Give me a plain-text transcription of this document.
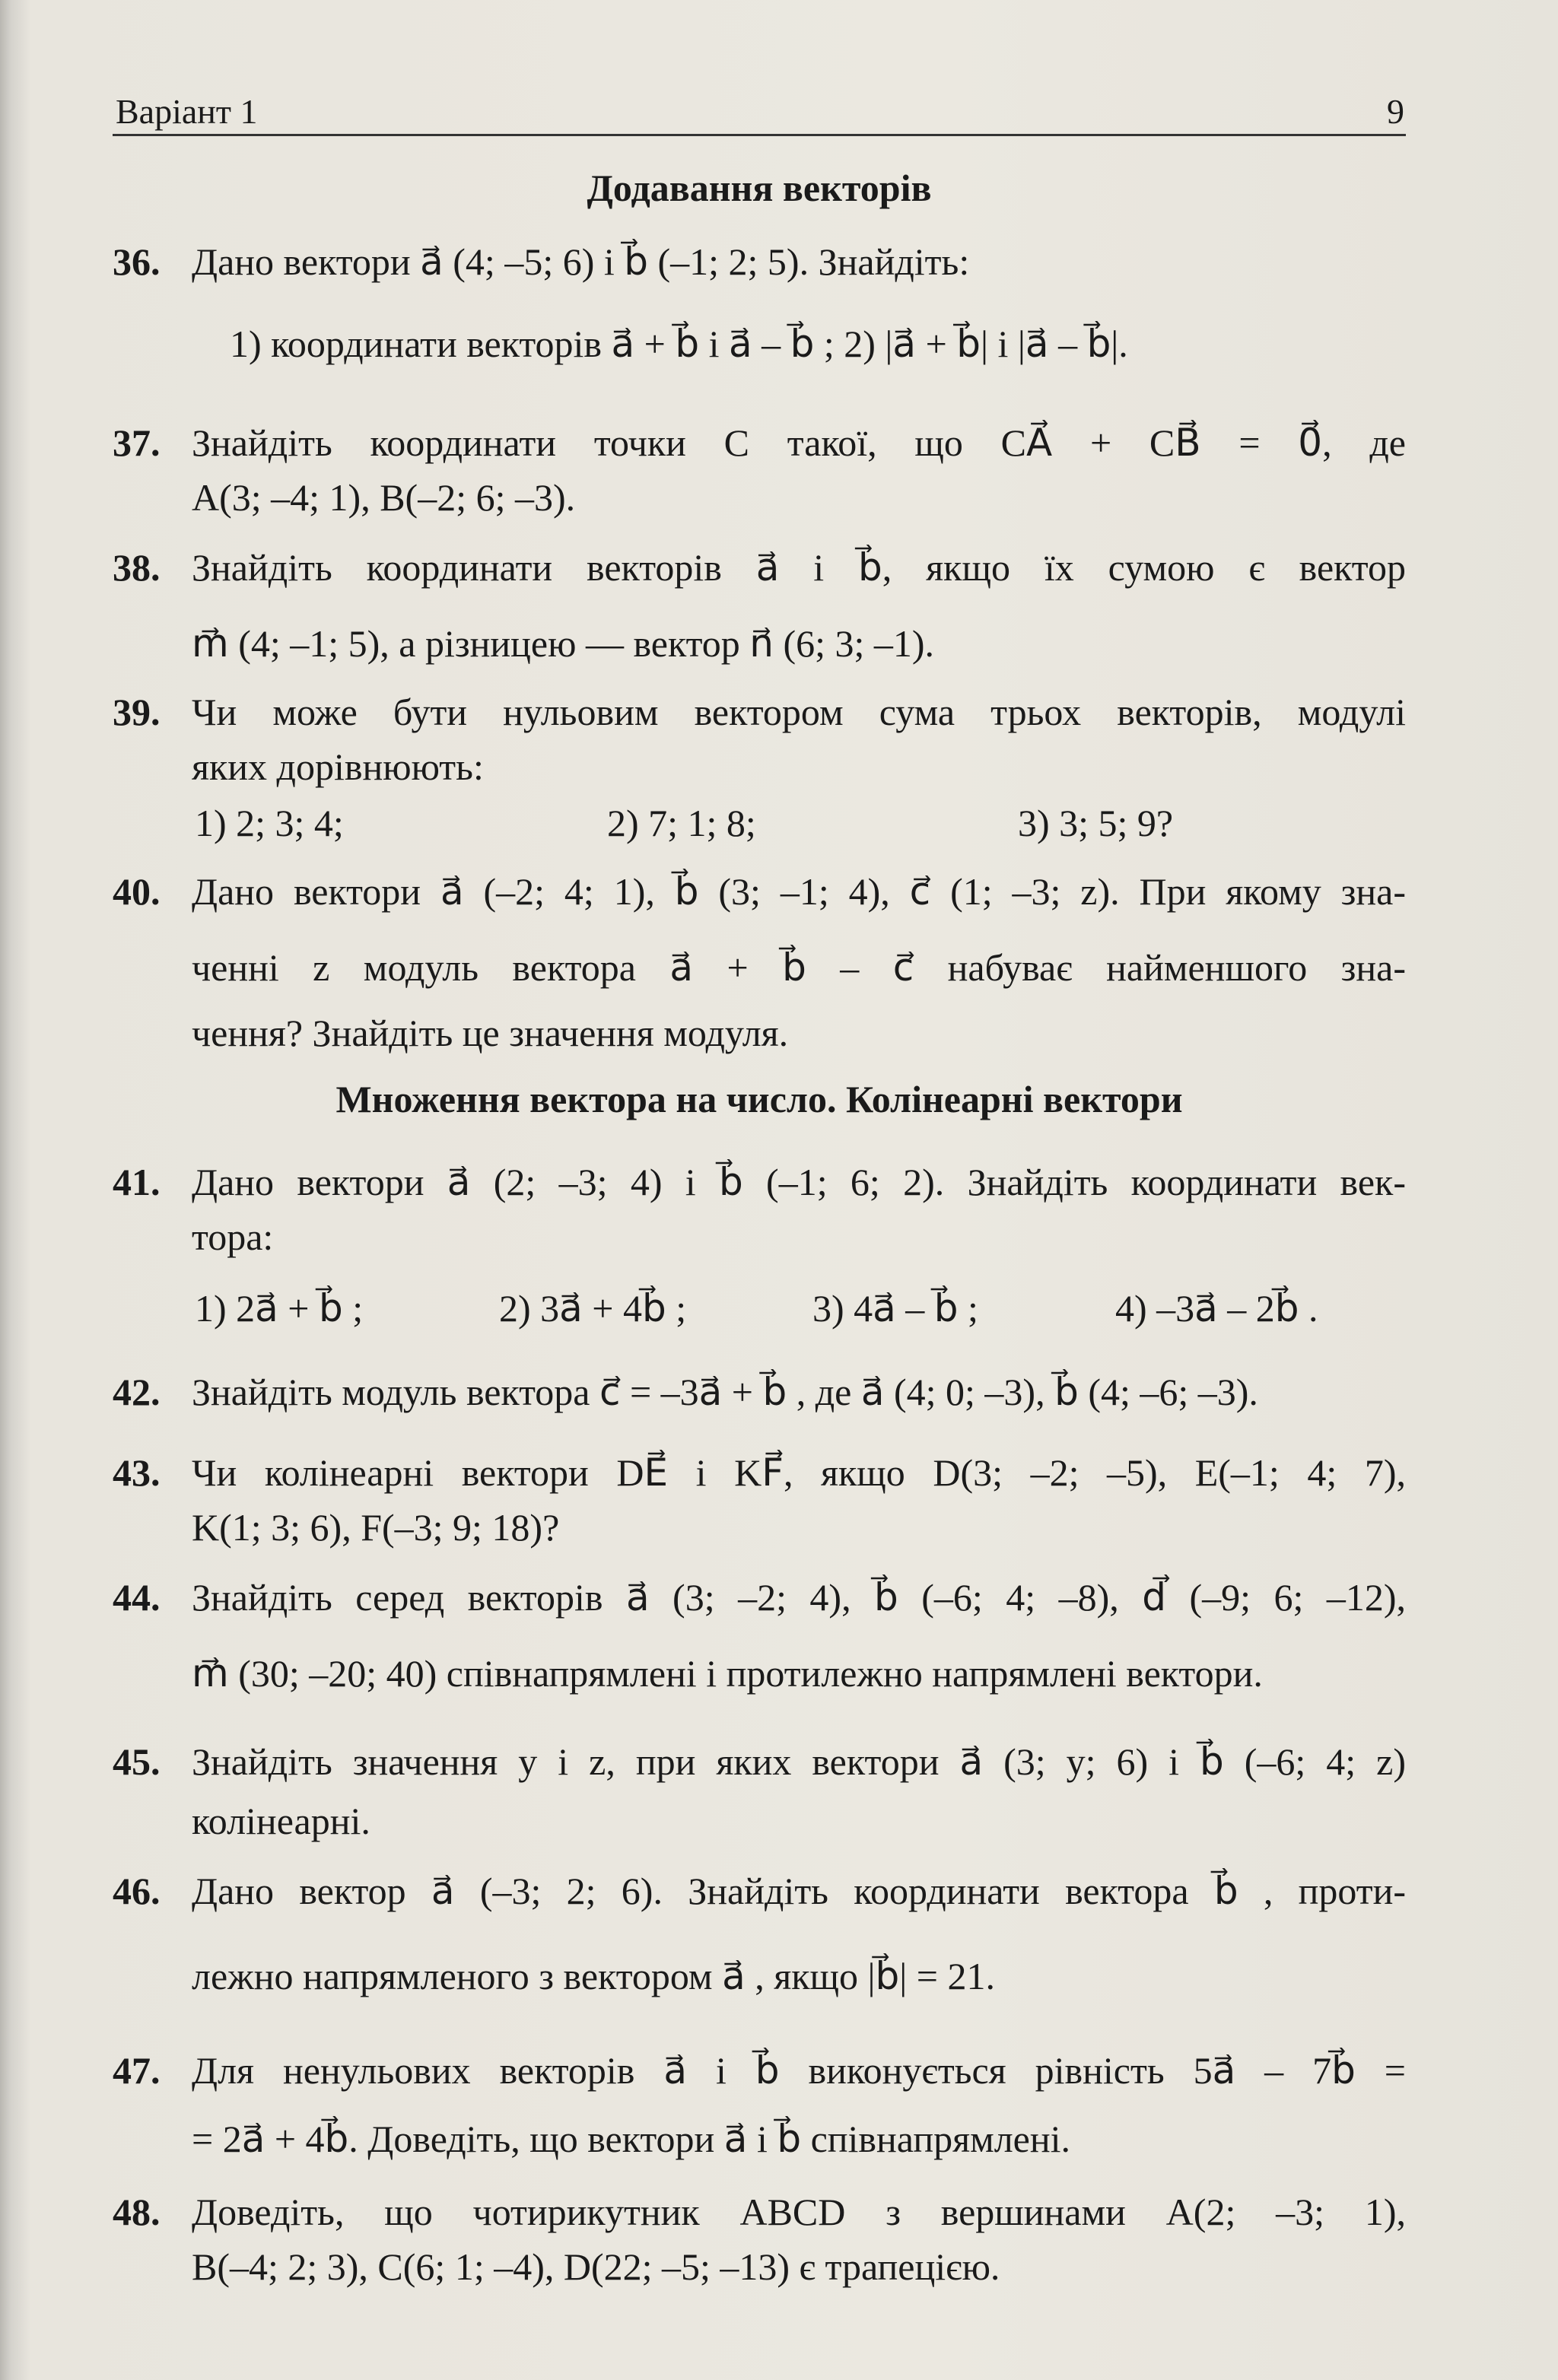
Варіант 1	9
Додавання векторів
36. Дано вектори a⃗ (4; –5; 6) і b⃗ (–1; 2; 5). Знайдіть:
1) координати векторів a⃗ + b⃗ і a⃗ – b⃗ ; 2) |a⃗ + b⃗| і |a⃗ – b⃗|.
37. Знайдіть координати точки C такої, що CA⃗ + CB⃗ = 0⃗, де
A(3; –4; 1), B(–2; 6; –3).
38. Знайдіть координати векторів a⃗ і b⃗, якщо їх сумою є вектор
m⃗ (4; –1; 5), а різницею — вектор n⃗ (6; 3; –1).
39. Чи може бути нульовим вектором сума трьох векторів, модулі
яких дорівнюють:
1) 2; 3; 4;	2) 7; 1; 8;	3) 3; 5; 9?
40. Дано вектори a⃗ (–2; 4; 1), b⃗ (3; –1; 4), c⃗ (1; –3; z). При якому зна-
ченні z модуль вектора a⃗ + b⃗ – c⃗ набуває найменшого зна-
чення? Знайдіть це значення модуля.
Множення вектора на число. Колінеарні вектори
41. Дано вектори a⃗ (2; –3; 4) і b⃗ (–1; 6; 2). Знайдіть координати век-
тора:
1) 2a⃗ + b⃗ ;	2) 3a⃗ + 4b⃗ ;	3) 4a⃗ – b⃗ ;	4) –3a⃗ – 2b⃗ .
42. Знайдіть модуль вектора c⃗ = –3a⃗ + b⃗ , де a⃗ (4; 0; –3), b⃗ (4; –6; –3).
43. Чи колінеарні вектори DE⃗ і KF⃗, якщо D(3; –2; –5), E(–1; 4; 7),
K(1; 3; 6), F(–3; 9; 18)?
44. Знайдіть серед векторів a⃗ (3; –2; 4), b⃗ (–6; 4; –8), d⃗ (–9; 6; –12),
m⃗ (30; –20; 40) співнапрямлені і протилежно напрямлені вектори.
45. Знайдіть значення y і z, при яких вектори a⃗ (3; y; 6) і b⃗ (–6; 4; z)
колінеарні.
46. Дано вектор a⃗ (–3; 2; 6). Знайдіть координати вектора b⃗ , проти-
лежно напрямленого з вектором a⃗ , якщо |b⃗| = 21.
47. Для ненульових векторів a⃗ і b⃗ виконується рівність 5a⃗ – 7b⃗ =
= 2a⃗ + 4b⃗. Доведіть, що вектори a⃗ і b⃗ співнапрямлені.
48. Доведіть, що чотирикутник ABCD з вершинами A(2; –3; 1),
B(–4; 2; 3), C(6; 1; –4), D(22; –5; –13) є трапецією.
